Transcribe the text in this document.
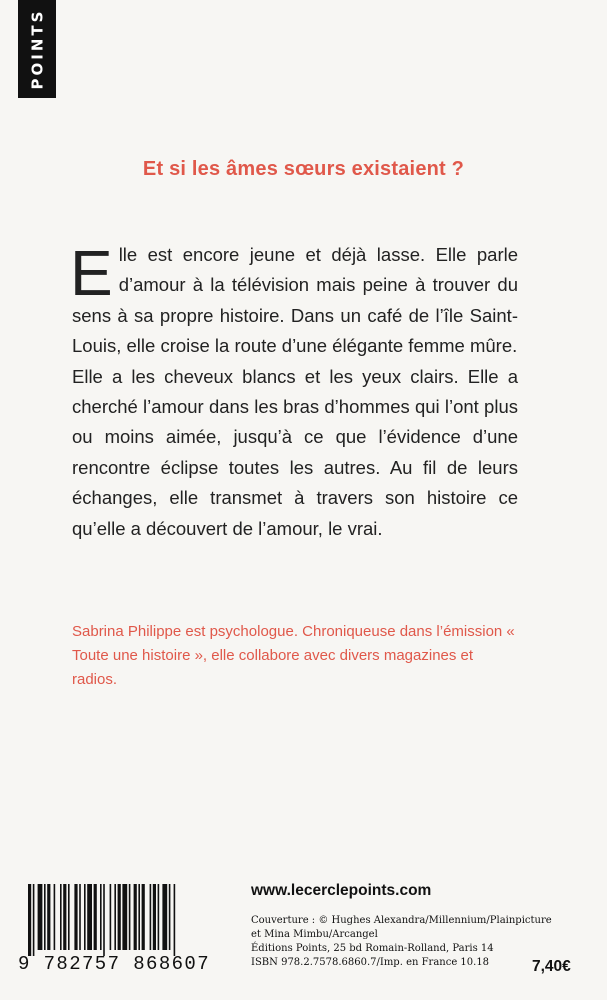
POINTS
Et si les âmes sœurs existaient ?

Elle est encore jeune et déjà lasse. Elle parle d’amour à la télévision mais peine à trouver du sens à sa propre histoire. Dans un café de l’île Saint-Louis, elle croise la route d’une élégante femme mûre.

Elle a les cheveux blancs et les yeux clairs. Elle a cherché l’amour dans les bras d’hommes qui l’ont plus ou moins aimée, jusqu’à ce que l’évidence d’une rencontre éclipse toutes les autres. Au fil de leurs échanges, elle transmet à travers son histoire ce qu’elle a découvert de l’amour, le vrai.

Sabrina Philippe est psychologue. Chroniqueuse dans l’émission « Toute une histoire », elle collabore avec divers magazines et radios.
9 782757 868607
www.lecerclepoints.com
Couverture : © Hughes Alexandra/Millennium/Plainpicture
et Mina Mimbu/Arcangel
Éditions Points, 25 bd Romain-Rolland, Paris 14
ISBN 978.2.7578.6860.7/Imp. en France 10.18	7,40€
